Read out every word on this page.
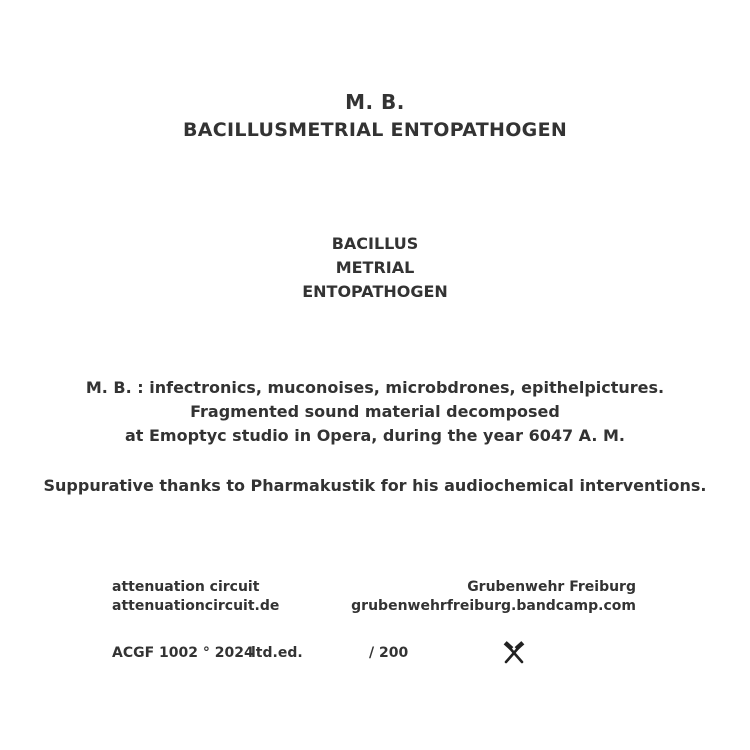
M. B.
BACILLUSMETRIAL ENTOPATHOGEN
BACILLUS
METRIAL
ENTOPATHOGEN
M. B. : infectronics, muconoises, microbdrones, epithelpictures.
Fragmented sound material decomposed
at Emoptyc studio in Opera, during the year 6047 A. M.
Suppurative thanks to Pharmakustik for his audiochemical interventions.
attenuation circuit
attenuationcircuit.de
Grubenwehr Freiburg
grubenwehrfreiburg.bandcamp.com
ACGF 1002 ° 2024
ltd.ed.	/ 200
